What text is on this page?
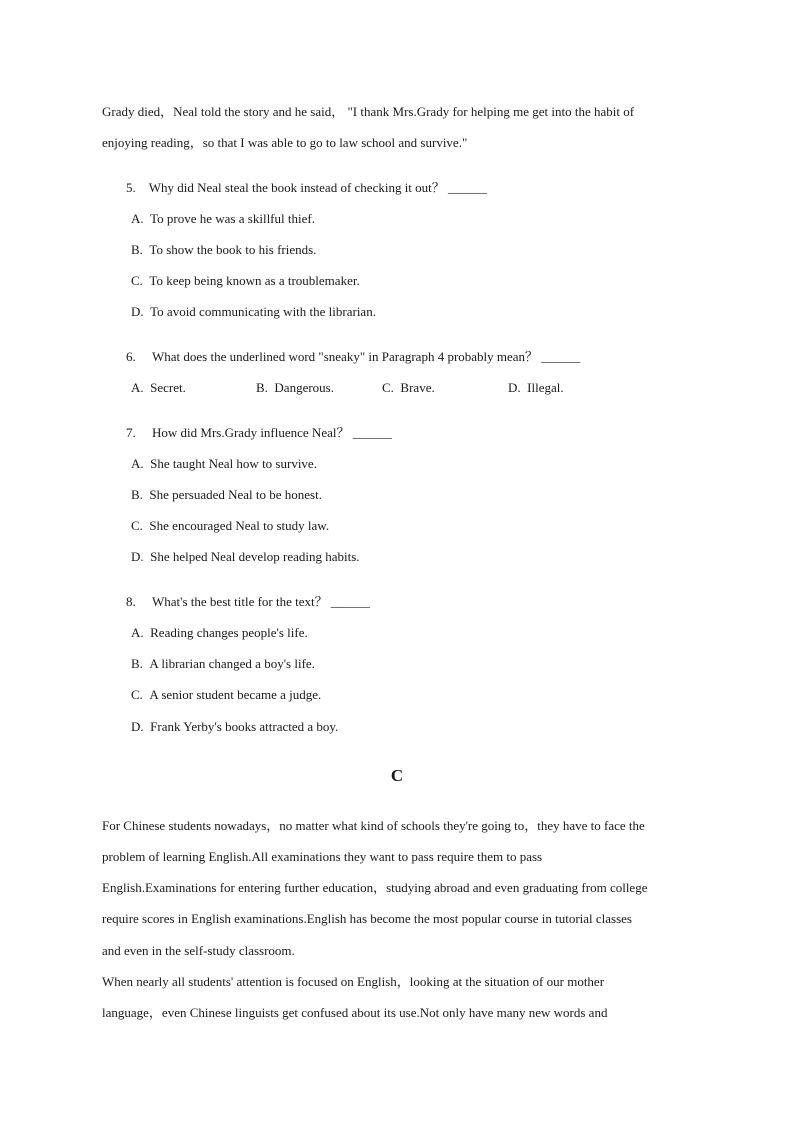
Grady died，Neal told the story and he said， "I thank Mrs.Grady for helping me get into the habit of
enjoying reading，so that I was able to go to law school and survive."
5. Why did Neal steal the book instead of checking it out？ ______
A. To prove he was a skillful thief.
B. To show the book to his friends.
C. To keep being known as a troublemaker.
D. To avoid communicating with the librarian.
6. What does the underlined word "sneaky" in Paragraph 4 probably mean？ ______
A. Secret.	B. Dangerous.	C. Brave.	D. Illegal.
7. How did Mrs.Grady influence Neal？ ______
A. She taught Neal how to survive.
B. She persuaded Neal to be honest.
C. She encouraged Neal to study law.
D. She helped Neal develop reading habits.
8. What's the best title for the text？ ______
A. Reading changes people's life.
B. A librarian changed a boy's life.
C. A senior student became a judge.
D. Frank Yerby's books attracted a boy.
C
For Chinese students nowadays，no matter what kind of schools they're going to，they have to face the
problem of learning English.All examinations they want to pass require them to pass
English.Examinations for entering further education，studying abroad and even graduating from college
require scores in English examinations.English has become the most popular course in tutorial classes
and even in the self-study classroom.
When nearly all students' attention is focused on English，looking at the situation of our mother
language，even Chinese linguists get confused about its use.Not only have many new words and
